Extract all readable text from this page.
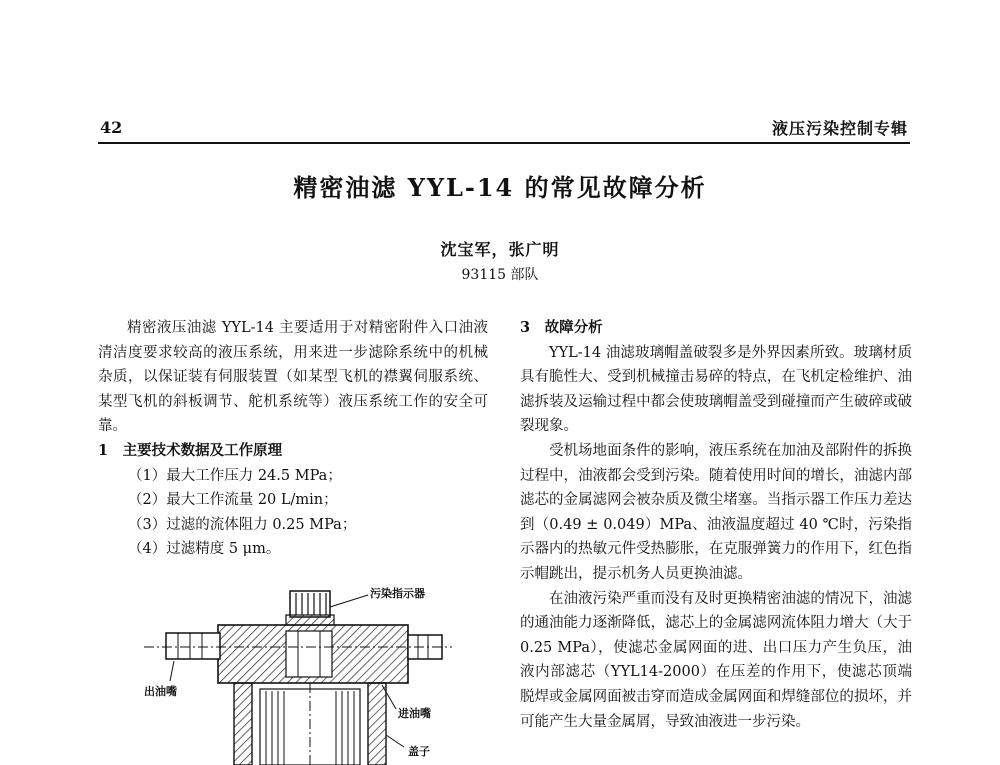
42	液压污染控制专辑
精密油滤 YYL-14 的常见故障分析
沈宝军，张广明
93115 部队

精密液压油滤 YYL-14 主要适用于对精密附件入口油液清洁度要求较高的液压系统，用来进一步滤除系统中的机械杂质，以保证装有伺服装置（如某型飞机的襟翼伺服系统、某型飞机的斜板调节、舵机系统等）液压系统工作的安全可靠。

1　主要技术数据及工作原理

（1）最大工作压力 24.5 MPa；

（2）最大工作流量 20 L/min；

（3）过滤的流体阻力 0.25 MPa；

（4）过滤精度 5 μm。

污染指示器
出油嘴
进油嘴
盖子
3　故障分析

YYL-14 油滤玻璃帽盖破裂多是外界因素所致。玻璃材质具有脆性大、受到机械撞击易碎的特点，在飞机定检维护、油滤拆装及运输过程中都会使玻璃帽盖受到碰撞而产生破碎或破裂现象。

受机场地面条件的影响，液压系统在加油及部附件的拆换过程中，油液都会受到污染。随着使用时间的增长，油滤内部滤芯的金属滤网会被杂质及微尘堵塞。当指示器工作压力差达到（0.49 ± 0.049）MPa、油液温度超过 40 ℃时，污染指示器内的热敏元件受热膨胀，在克服弹簧力的作用下，红色指示帽跳出，提示机务人员更换油滤。

在油液污染严重而没有及时更换精密油滤的情况下，油滤的通油能力逐渐降低，滤芯上的金属滤网流体阻力增大（大于 0.25 MPa），使滤芯金属网面的进、出口压力产生负压，油液内部滤芯（YYL14-2000）在压差的作用下，使滤芯顶端脱焊或金属网面被击穿而造成金属网面和焊缝部位的损坏，并可能产生大量金属屑，导致油液进一步污染。
